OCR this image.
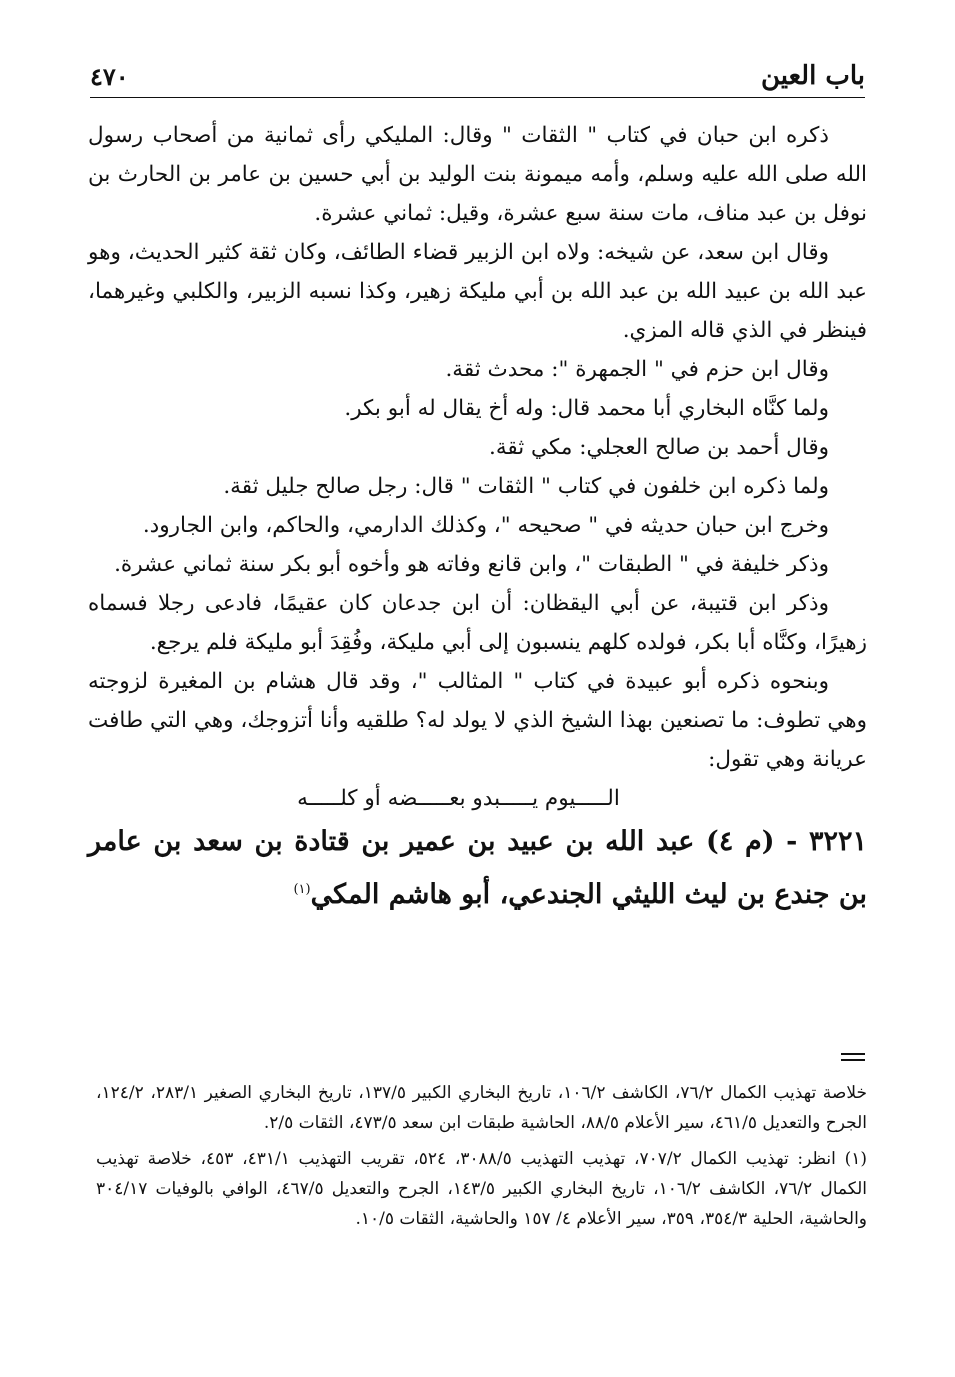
باب العين
٤٧٠

ذكره ابن حبان في كتاب " الثقات " وقال: المليكي رأى ثمانية من أصحاب رسول الله صلى الله عليه وسلم، وأمه ميمونة بنت الوليد بن أبي حسين بن عامر بن الحارث بن نوفل بن عبد مناف، مات سنة سبع عشرة، وقيل: ثماني عشرة.

وقال ابن سعد، عن شيخه: ولاه ابن الزبير قضاء الطائف، وكان ثقة كثير الحديث، وهو عبد الله بن عبيد الله بن عبد الله بن أبي مليكة زهير، وكذا نسبه الزبير، والكلبي وغيرهما، فينظر في الذي قاله المزي.

وقال ابن حزم في " الجمهرة ": محدث ثقة.

ولما كنَّاه البخاري أبا محمد قال: وله أخ يقال له أبو بكر.

وقال أحمد بن صالح العجلي: مكي ثقة.

ولما ذكره ابن خلفون في كتاب " الثقات " قال: رجل صالح جليل ثقة.

وخرج ابن حبان حديثه في " صحيحه "، وكذلك الدارمي، والحاكم، وابن الجارود.

وذكر خليفة في " الطبقات "، وابن قانع وفاته هو وأخوه أبو بكر سنة ثماني عشرة.

وذكر ابن قتيبة، عن أبي اليقظان: أن ابن جدعان كان عقيمًا، فادعى رجلا فسماه زهيرًا، وكنَّاه أبا بكر، فولده كلهم ينسبون إلى أبي مليكة، وفُقِدَ أبو مليكة فلم يرجع.

وبنحوه ذكره أبو عبيدة في كتاب " المثالب "، وقد قال هشام بن المغيرة لزوجته وهي تطوف: ما تصنعين بهذا الشيخ الذي لا يولد له؟ طلقيه وأنا أتزوجك، وهي التي طافت عريانة وهي تقول:

الـــــيوم يـــــبدو بعـــــضه أو كلـــــه

٣٢٢١ - (م ٤) عبد الله بن عبيد بن عمير بن قتادة بن سعد بن عامر بن جندع بن ليث الليثي الجندعي، أبو هاشم المكي$^{(١)}$

خلاصة تهذيب الكمال ٧٦/٢، الكاشف ١٠٦/٢، تاريخ البخاري الكبير ١٣٧/٥، تاريخ البخاري الصغير ٢٨٣/١، ١٢٤/٢، الجرح والتعديل ٤٦١/٥، سير الأعلام ٨٨/٥، الحاشية طبقات ابن سعد ٤٧٣/٥، الثقات ٢/٥.

(١) انظر: تهذيب الكمال ٧٠٧/٢، تهذيب التهذيب ٣٠٨٨/٥، ٥٢٤، تقريب التهذيب ٤٣١/١، ٤٥٣، خلاصة تهذيب الكمال ٧٦/٢، الكاشف ١٠٦/٢، تاريخ البخاري الكبير ١٤٣/٥، الجرح والتعديل ٤٦٧/٥، الوافي بالوفيات ٣٠٤/١٧ والحاشية، الحلية ٣٥٤/٣، ٣٥٩، سير الأعلام ٤/ ١٥٧ والحاشية، الثقات ١٠/٥.
